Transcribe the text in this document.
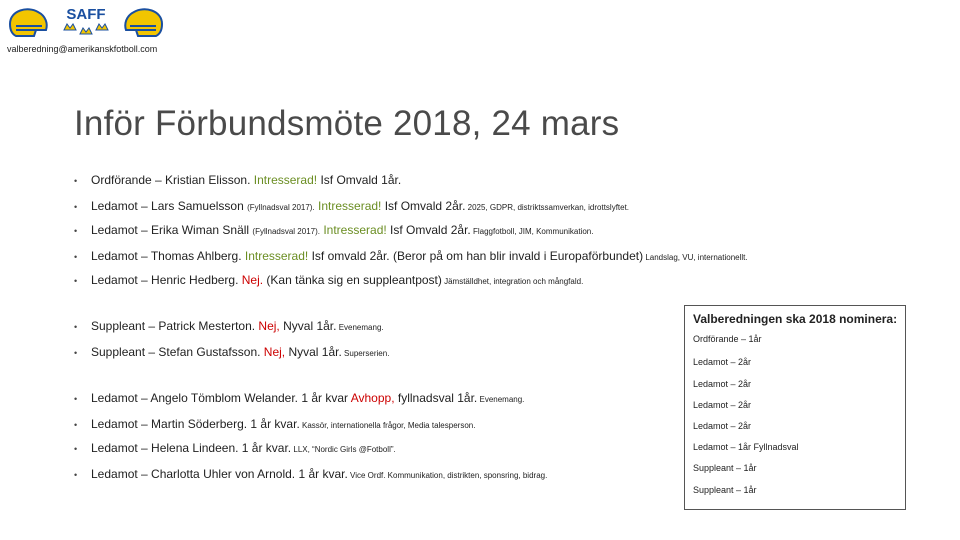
SAFF
valberedning@amerikanskfotboll.com
Inför Förbundsmöte 2018, 24 mars
• Ordförande – Kristian Elisson. Intresserad! Isf Omvald 1år.
• Ledamot – Lars Samuelsson (Fyllnadsval 2017). Intresserad! Isf Omvald 2år. 2025, GDPR, distriktssamverkan, idrottslyftet.
• Ledamot – Erika Wiman Snäll (Fyllnadsval 2017). Intresserad! Isf Omvald 2år. Flaggfotboll, JIM, Kommunikation.
• Ledamot – Thomas Ahlberg. Intresserad! Isf omvald 2år. (Beror på om han blir invald i Europaförbundet) Landslag, VU, internationellt.
• Ledamot – Henric Hedberg. Nej. (Kan tänka sig en suppleantpost) Jämställdhet, integration och mångfald.
• Suppleant – Patrick Mesterton. Nej, Nyval 1år. Evenemang.
• Suppleant – Stefan Gustafsson. Nej, Nyval 1år. Superserien.
• Ledamot – Angelo Tömblom Welander. 1 år kvar Avhopp, fyllnadsval 1år. Evenemang.
• Ledamot – Martin Söderberg. 1 år kvar. Kassör, internationella frågor, Media talesperson.
• Ledamot – Helena Lindeen. 1 år kvar. LLX, “Nordic Girls @Fotboll”.
• Ledamot – Charlotta Uhler von Arnold. 1 år kvar. Vice Ordf. Kommunikation, distrikten, sponsring, bidrag.
Valberedningen ska 2018 nominera:
Ordförande – 1år
Ledamot – 2år
Ledamot – 2år
Ledamot – 2år
Ledamot – 2år
Ledamot – 1år Fyllnadsval
Suppleant – 1år
Suppleant – 1år
